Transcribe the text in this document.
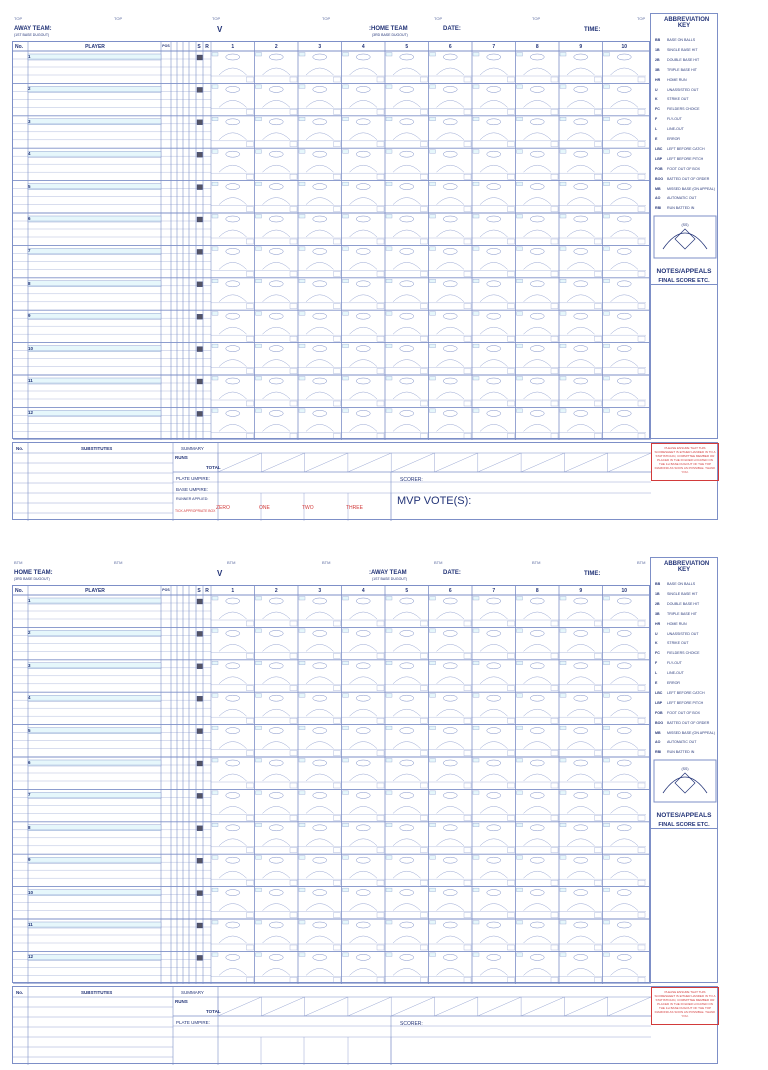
TOP	TOP	TOP	TOP	TOP	TOP	TOP
AWAY TEAM:
(1ST BASE DUGOUT)
V	:HOME TEAM
(3RD BASE DUGOUT)
DATE:	TIME:
No.	PLAYER	POS	S R	1	2	3	4	5	6	7	8	9	10
1
2
3
4
5
6
7
8
9
10
11
12
ABBREVIATION KEY
BB BASE ON BALLS
1B SINGLE BASE HIT
2B DOUBLE BASE HIT
3B TRIPLE BASE HIT
HR HOME RUN
U	UNASSISTED OUT
K	STRIKE OUT
FC FIELDERS CHOICE
F	FLY-OUT
L	LINE-OUT
E	ERROR
LBC LEFT BEFORE CATCH
LBP LEFT BEFORE PITCH
FOB FOOT OUT OF BOX
BOO BATTED OUT OF ORDER
MB MISSED BASE (ON APPEAL)
AO AUTOMATIC OUT
RBI RUN BATTED IN
(SS)
NOTES/APPEALS
FINAL SCORE ETC.
No.	SUBSTITUTES	SUMMARY
RUNS
TOTAL
PLATE UMPIRE:
BASE UMPIRE:
RUNNER APPLIED:
TICK APPROPRIATE BOX ZERO	ONE	TWO	THREE
SCORER:
MVP VOTE(S):
PLEASE ENSURE THAT THIS SCORESHEET IS EITHER HANDED IN TO A STATISTICIAN, COMMITTEE MEMBER OR PLACED IN THE FOLDER LOCATED ON THE 1st BASE DUGOUT OF THE TOP DIAMOND AS SOON AS POSSIBLE. THANK YOU.
BTM	BTM	BTM	BTM	BTM	BTM	BTM
HOME TEAM:
(3RD BASE DUGOUT)
V	:AWAY TEAM
(1ST BASE DUGOUT)
DATE:	TIME:
No.	PLAYER	POS	S R	1	2	3	4	5	6	7	8	9	10
1
2
3
4
5
6
7
8
9
10
11
12
ABBREVIATION KEY
BB BASE ON BALLS
1B SINGLE BASE HIT
2B DOUBLE BASE HIT
3B TRIPLE BASE HIT
HR HOME RUN
U	UNASSISTED OUT
K	STRIKE OUT
FC FIELDERS CHOICE
F	FLY-OUT
L	LINE-OUT
E	ERROR
LBC LEFT BEFORE CATCH
LBP LEFT BEFORE PITCH
FOB FOOT OUT OF BOX
BOO BATTED OUT OF ORDER
MB MISSED BASE (ON APPEAL)
AO AUTOMATIC OUT
RBI RUN BATTED IN
(SS)
NOTES/APPEALS
FINAL SCORE ETC.
No.	SUBSTITUTES	SUMMARY
RUNS
TOTAL
PLATE UMPIRE:	SCORER:
PLEASE ENSURE THAT THIS SCORESHEET IS EITHER HANDED IN TO A STATISTICIAN, COMMITTEE MEMBER OR PLACED IN THE FOLDER LOCATED ON THE 1st BASE DUGOUT OF THE TOP DIAMOND AS SOON AS POSSIBLE. THANK YOU.
